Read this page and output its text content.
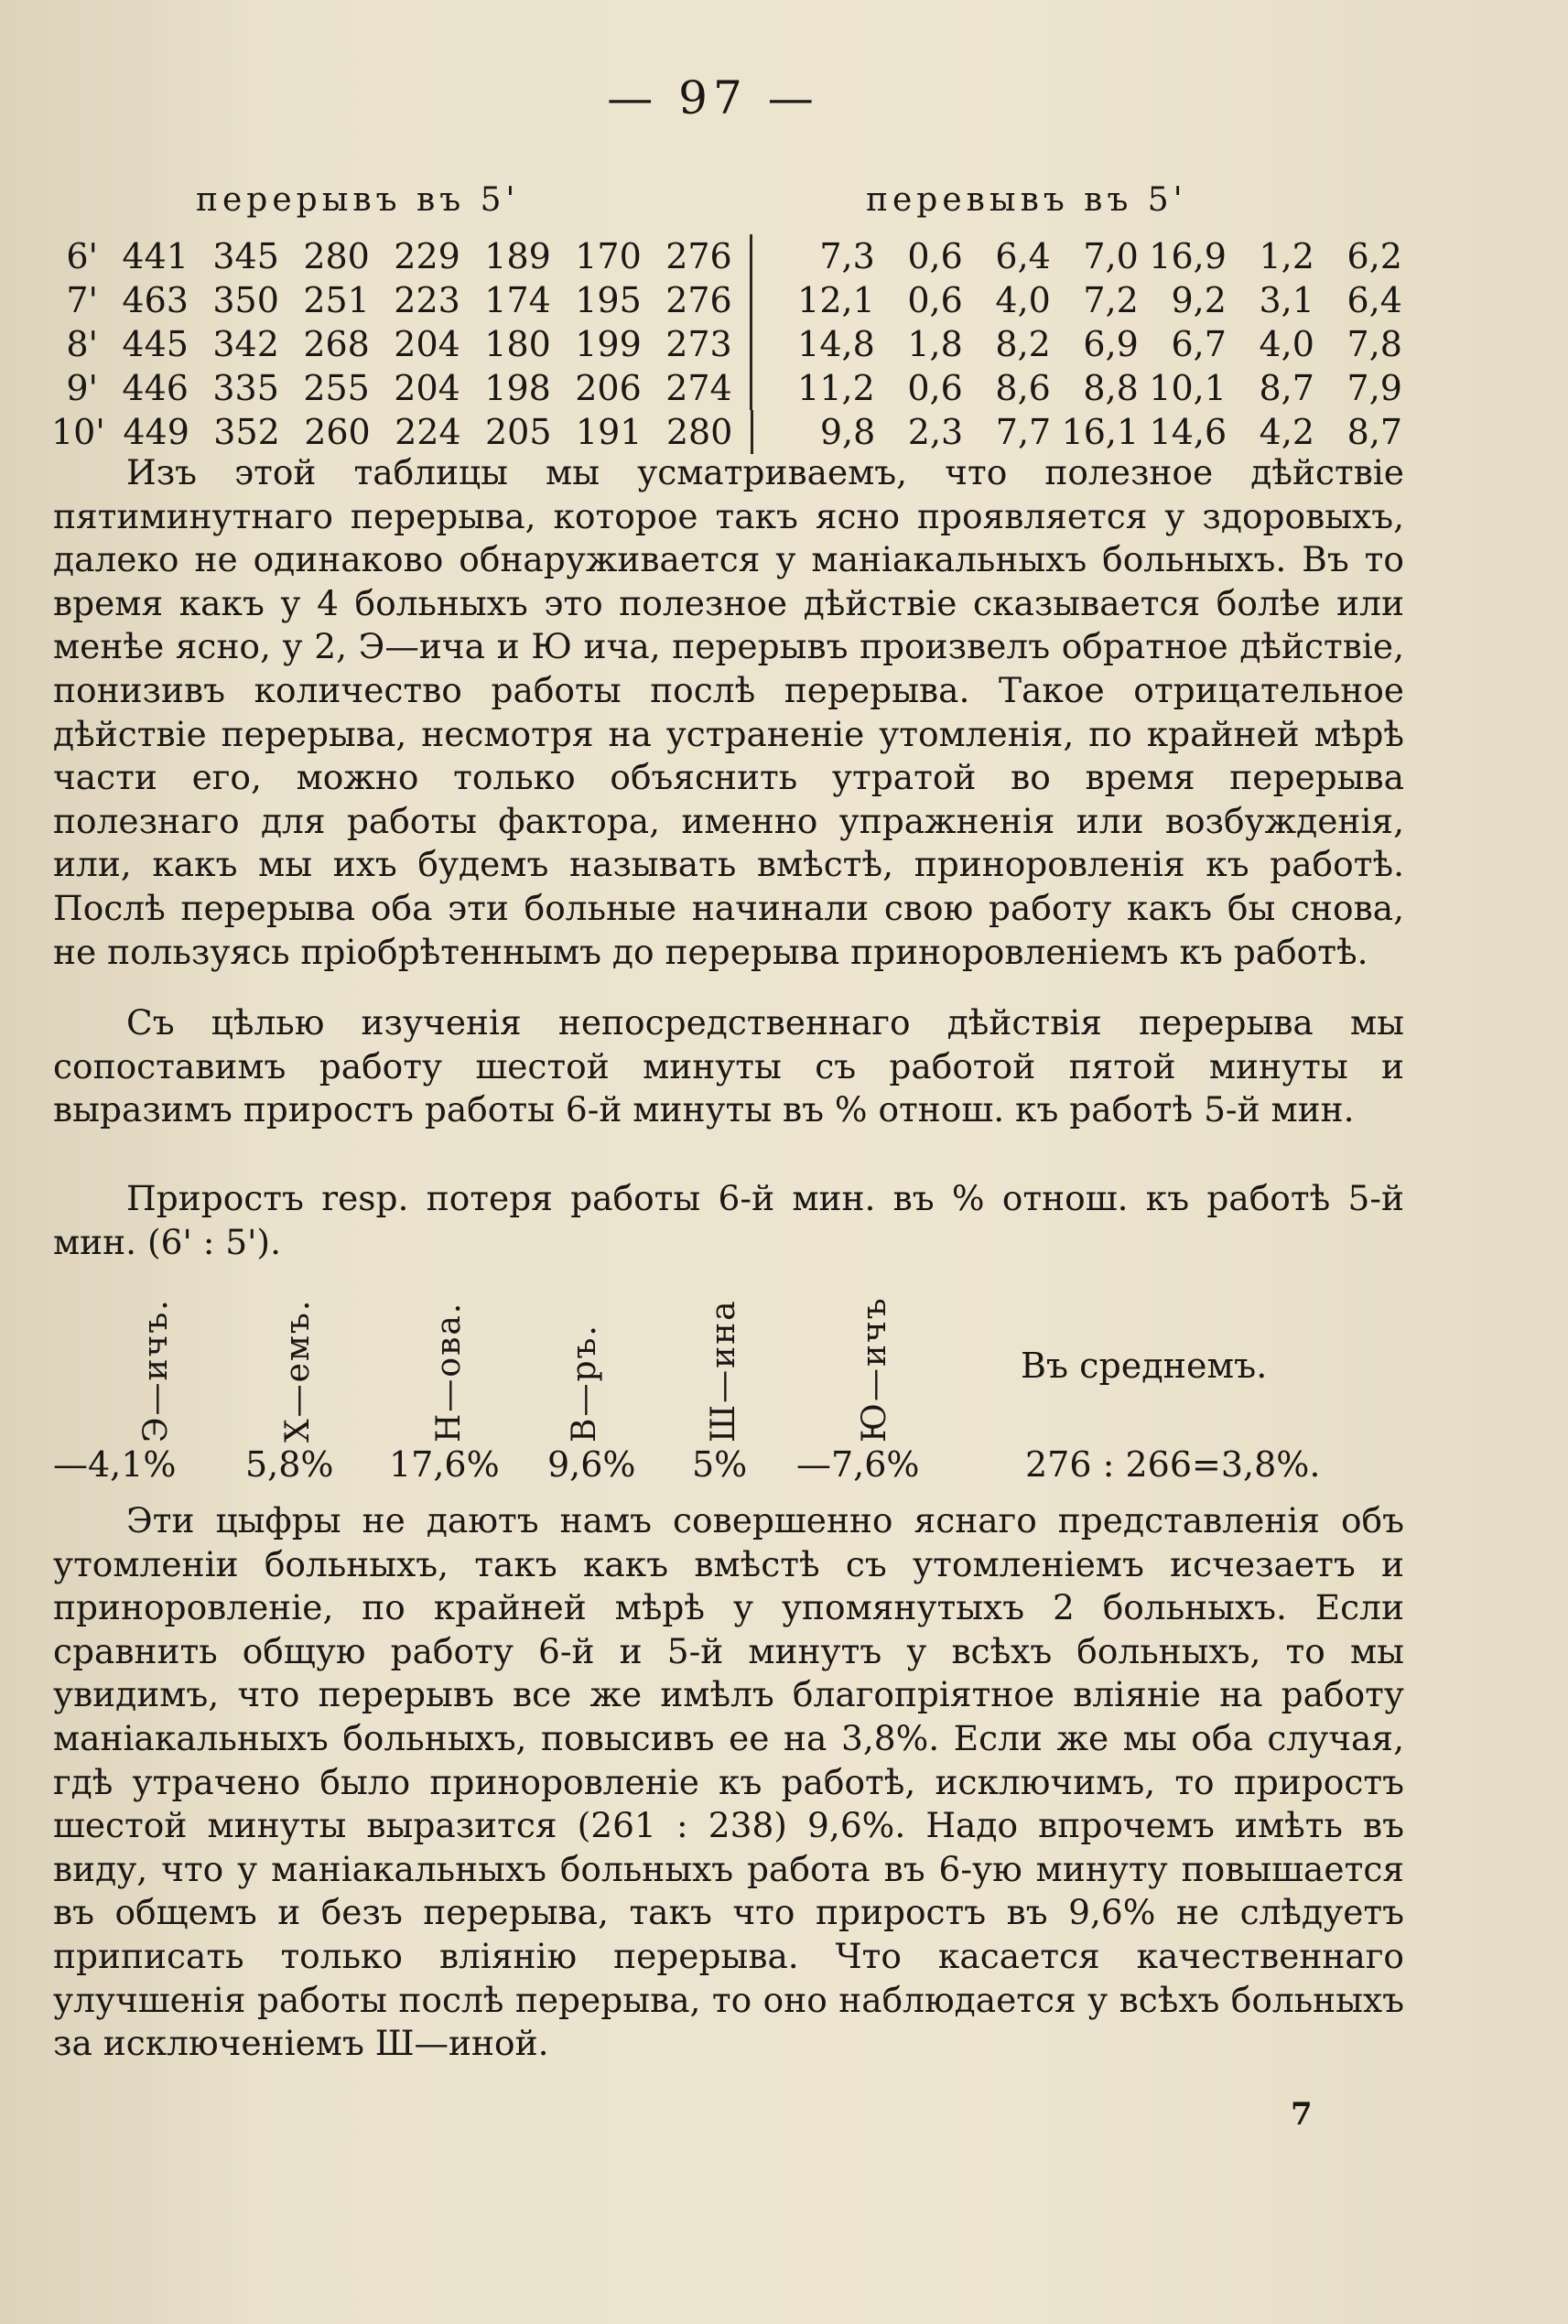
— 97 —
перерывъ въ 5'	перевывъ въ 5'
6' 441 345 280 229 189 170 276	7,3 0,6 6,4 7,0 16,9 1,2 6,2
7' 463 350 251 223 174 195 276	12,1 0,6 4,0 7,2 9,2 3,1 6,4
8' 445 342 268 204 180 199 273	14,8 1,8 8,2 6,9 6,7 4,0 7,8
9' 446 335 255 204 198 206 274	11,2 0,6 8,6 8,8 10,1 8,7 7,9
10' 449 352 260 224 205 191 280	9,8 2,3 7,7 16,1 14,6 4,2 8,7

Изъ этой таблицы мы усматриваемъ, что полезное дѣйствіе пятиминутнаго перерыва, которое такъ ясно проявляется у здоровыхъ, далеко не одинаково обнаруживается у маніакальныхъ больныхъ. Въ то время какъ у 4 больныхъ это полезное дѣйствіе сказывается болѣе или менѣе ясно, у 2, Э—ича и Ю ича, перерывъ произвелъ обратное дѣйствіе, понизивъ количество работы послѣ перерыва. Такое отрицательное дѣйствіе перерыва, несмотря на устраненіе утомленія, по крайней мѣрѣ части его, можно только объяснить утратой во время перерыва полезнаго для работы фактора, именно упражненія или возбужденія, или, какъ мы ихъ будемъ называть вмѣстѣ, приноровленія къ работѣ. Послѣ перерыва оба эти больные начинали свою работу какъ бы снова, не пользуясь пріобрѣтеннымъ до перерыва приноровленіемъ къ работѣ.

Съ цѣлью изученія непосредственнаго дѣйствія перерыва мы сопоставимъ работу шестой минуты съ работой пятой минуты и выразимъ приростъ работы 6-й минуты въ % отнош. къ работѣ 5-й мин.

Приростъ resp. потеря работы 6-й мин. въ % отнош. къ работѣ 5-й мин. (6' : 5').

Э—ичъ.	Х—емъ.	Н—ова.	В—ръ.	Ш—ина	Ю—ичъ	Въ среднемъ.
—4,1% 5,8% 17,6% 9,6% 5% —7,6%	276 : 266=3,8%.

Эти цыфры не даютъ намъ совершенно яснаго представленія объ утомленіи больныхъ, такъ какъ вмѣстѣ съ утомленіемъ исчезаетъ и приноровленіе, по крайней мѣрѣ у упомянутыхъ 2 больныхъ. Если сравнить общую работу 6-й и 5-й минутъ у всѣхъ больныхъ, то мы увидимъ, что перерывъ все же имѣлъ благопріятное вліяніе на работу маніакальныхъ больныхъ, повысивъ ее на 3,8%. Если же мы оба случая, гдѣ утрачено было приноровленіе къ работѣ, исключимъ, то приростъ шестой минуты выразится (261 : 238) 9,6%. Надо впрочемъ имѣть въ виду, что у маніакальныхъ больныхъ работа въ 6-ую минуту повышается въ общемъ и безъ перерыва, такъ что приростъ въ 9,6% не слѣдуетъ приписать только вліянію перерыва. Что касается качественнаго улучшенія работы послѣ перерыва, то оно наблюдается у всѣхъ больныхъ за исключеніемъ Ш—иной.

7
